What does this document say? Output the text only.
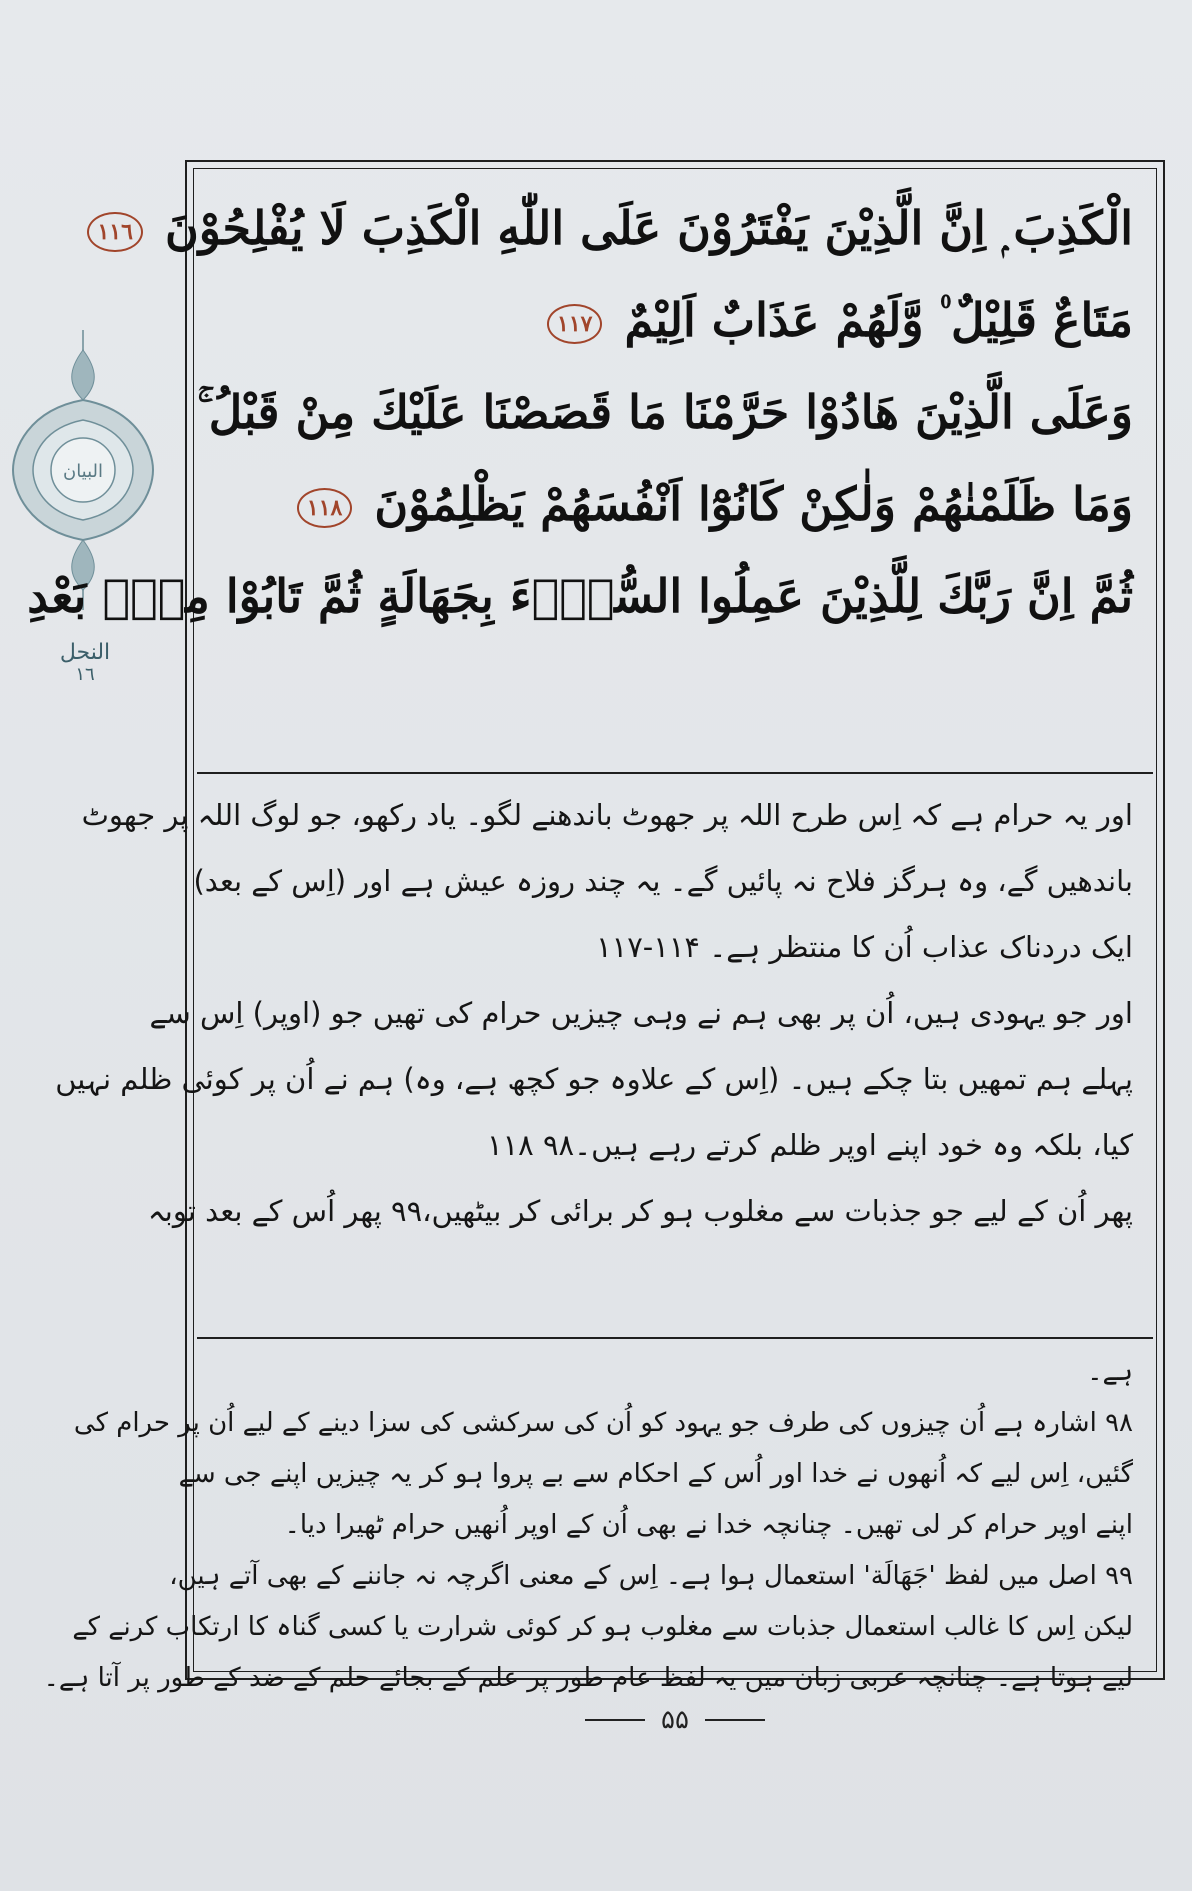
البيان
النحل
١٦
الْكَذِبَ ۭ اِنَّ الَّذِيْنَ يَفْتَرُوْنَ عَلَى اللّٰهِ الْكَذِبَ لَا يُفْلِحُوْنَ ١١٦
مَتَاعٌ قَلِيْلٌ ۠ وَّلَهُمْ عَذَابٌ اَلِيْمٌ ١١٧
وَعَلَى الَّذِيْنَ هَادُوْا حَرَّمْنَا مَا قَصَصْنَا عَلَيْكَ مِنْ قَبْلُ ۚ
وَمَا ظَلَمْنٰهُمْ وَلٰكِنْ كَانُوْٓا اَنْفُسَهُمْ يَظْلِمُوْنَ ١١٨
ثُمَّ اِنَّ رَبَّكَ لِلَّذِيْنَ عَمِلُوا السُّوْۗءَ بِجَهَالَةٍ ثُمَّ تَابُوْا مِنْۢ بَعْدِ
اور یہ حرام ہے کہ اِس طرح اللہ پر جھوٹ باندھنے لگو۔ یاد رکھو، جو لوگ اللہ پر جھوٹ
باندھیں گے، وہ ہرگز فلاح نہ پائیں گے۔ یہ چند روزہ عیش ہے اور (اِس کے بعد)
ایک دردناک عذاب اُن کا منتظر ہے۔ ۱۱۴-۱۱۷
اور جو یہودی ہیں، اُن پر بھی ہم نے وہی چیزیں حرام کی تھیں جو (اوپر) اِس سے
پہلے ہم تمھیں بتا چکے ہیں۔ (اِس کے علاوہ جو کچھ ہے، وہ) ہم نے اُن پر کوئی ظلم نہیں
کیا، بلکہ وہ خود اپنے اوپر ظلم کرتے رہے ہیں۔۹۸ ۱۱۸
پھر اُن کے لیے جو جذبات سے مغلوب ہو کر برائی کر بیٹھیں،۹۹ پھر اُس کے بعد توبہ
ہے۔
۹۸ اشارہ ہے اُن چیزوں کی طرف جو یہود کو اُن کی سرکشی کی سزا دینے کے لیے اُن پر حرام کی
گئیں، اِس لیے کہ اُنھوں نے خدا اور اُس کے احکام سے بے پروا ہو کر یہ چیزیں اپنے جی سے
اپنے اوپر حرام کر لی تھیں۔ چنانچہ خدا نے بھی اُن کے اوپر اُنھیں حرام ٹھیرا دیا۔
۹۹ اصل میں لفظ 'جَهَالَة' استعمال ہوا ہے۔ اِس کے معنی اگرچہ نہ جاننے کے بھی آتے ہیں،
لیکن اِس کا غالب استعمال جذبات سے مغلوب ہو کر کوئی شرارت یا کسی گناہ کا ارتکاب کرنے کے
لیے ہوتا ہے۔ چنانچہ عربی زبان میں یہ لفظ عام طور پر علم کے بجائے حلم کے ضد کے طور پر آتا ہے۔
۵۵
